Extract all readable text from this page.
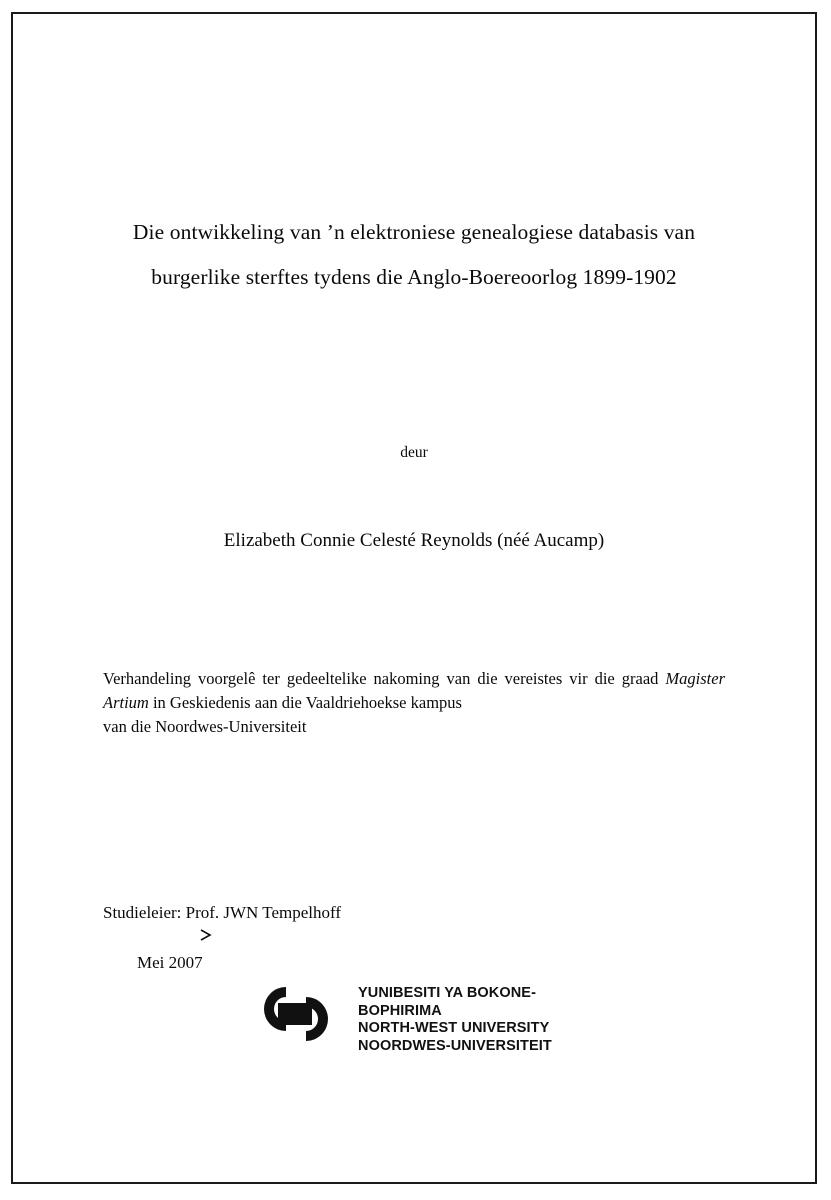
Die ontwikkeling van ’n elektroniese genealogiese databasis van
burgerlike sterftes tydens die Anglo-Boereoorlog 1899-1902
deur
Elizabeth Connie Celesté Reynolds (néé Aucamp)

Verhandeling voorgelê ter gedeeltelike nakoming van die vereistes vir die graad Magister Artium in Geskiedenis aan die Vaaldriehoekse kampus

van die Noordwes-Universiteit

Studieleier: Prof. JWN Tempelhoff

Mei 2007

YUNIBESITI YA BOKONE-BOPHIRIMA
NORTH-WEST UNIVERSITY
NOORDWES-UNIVERSITEIT
